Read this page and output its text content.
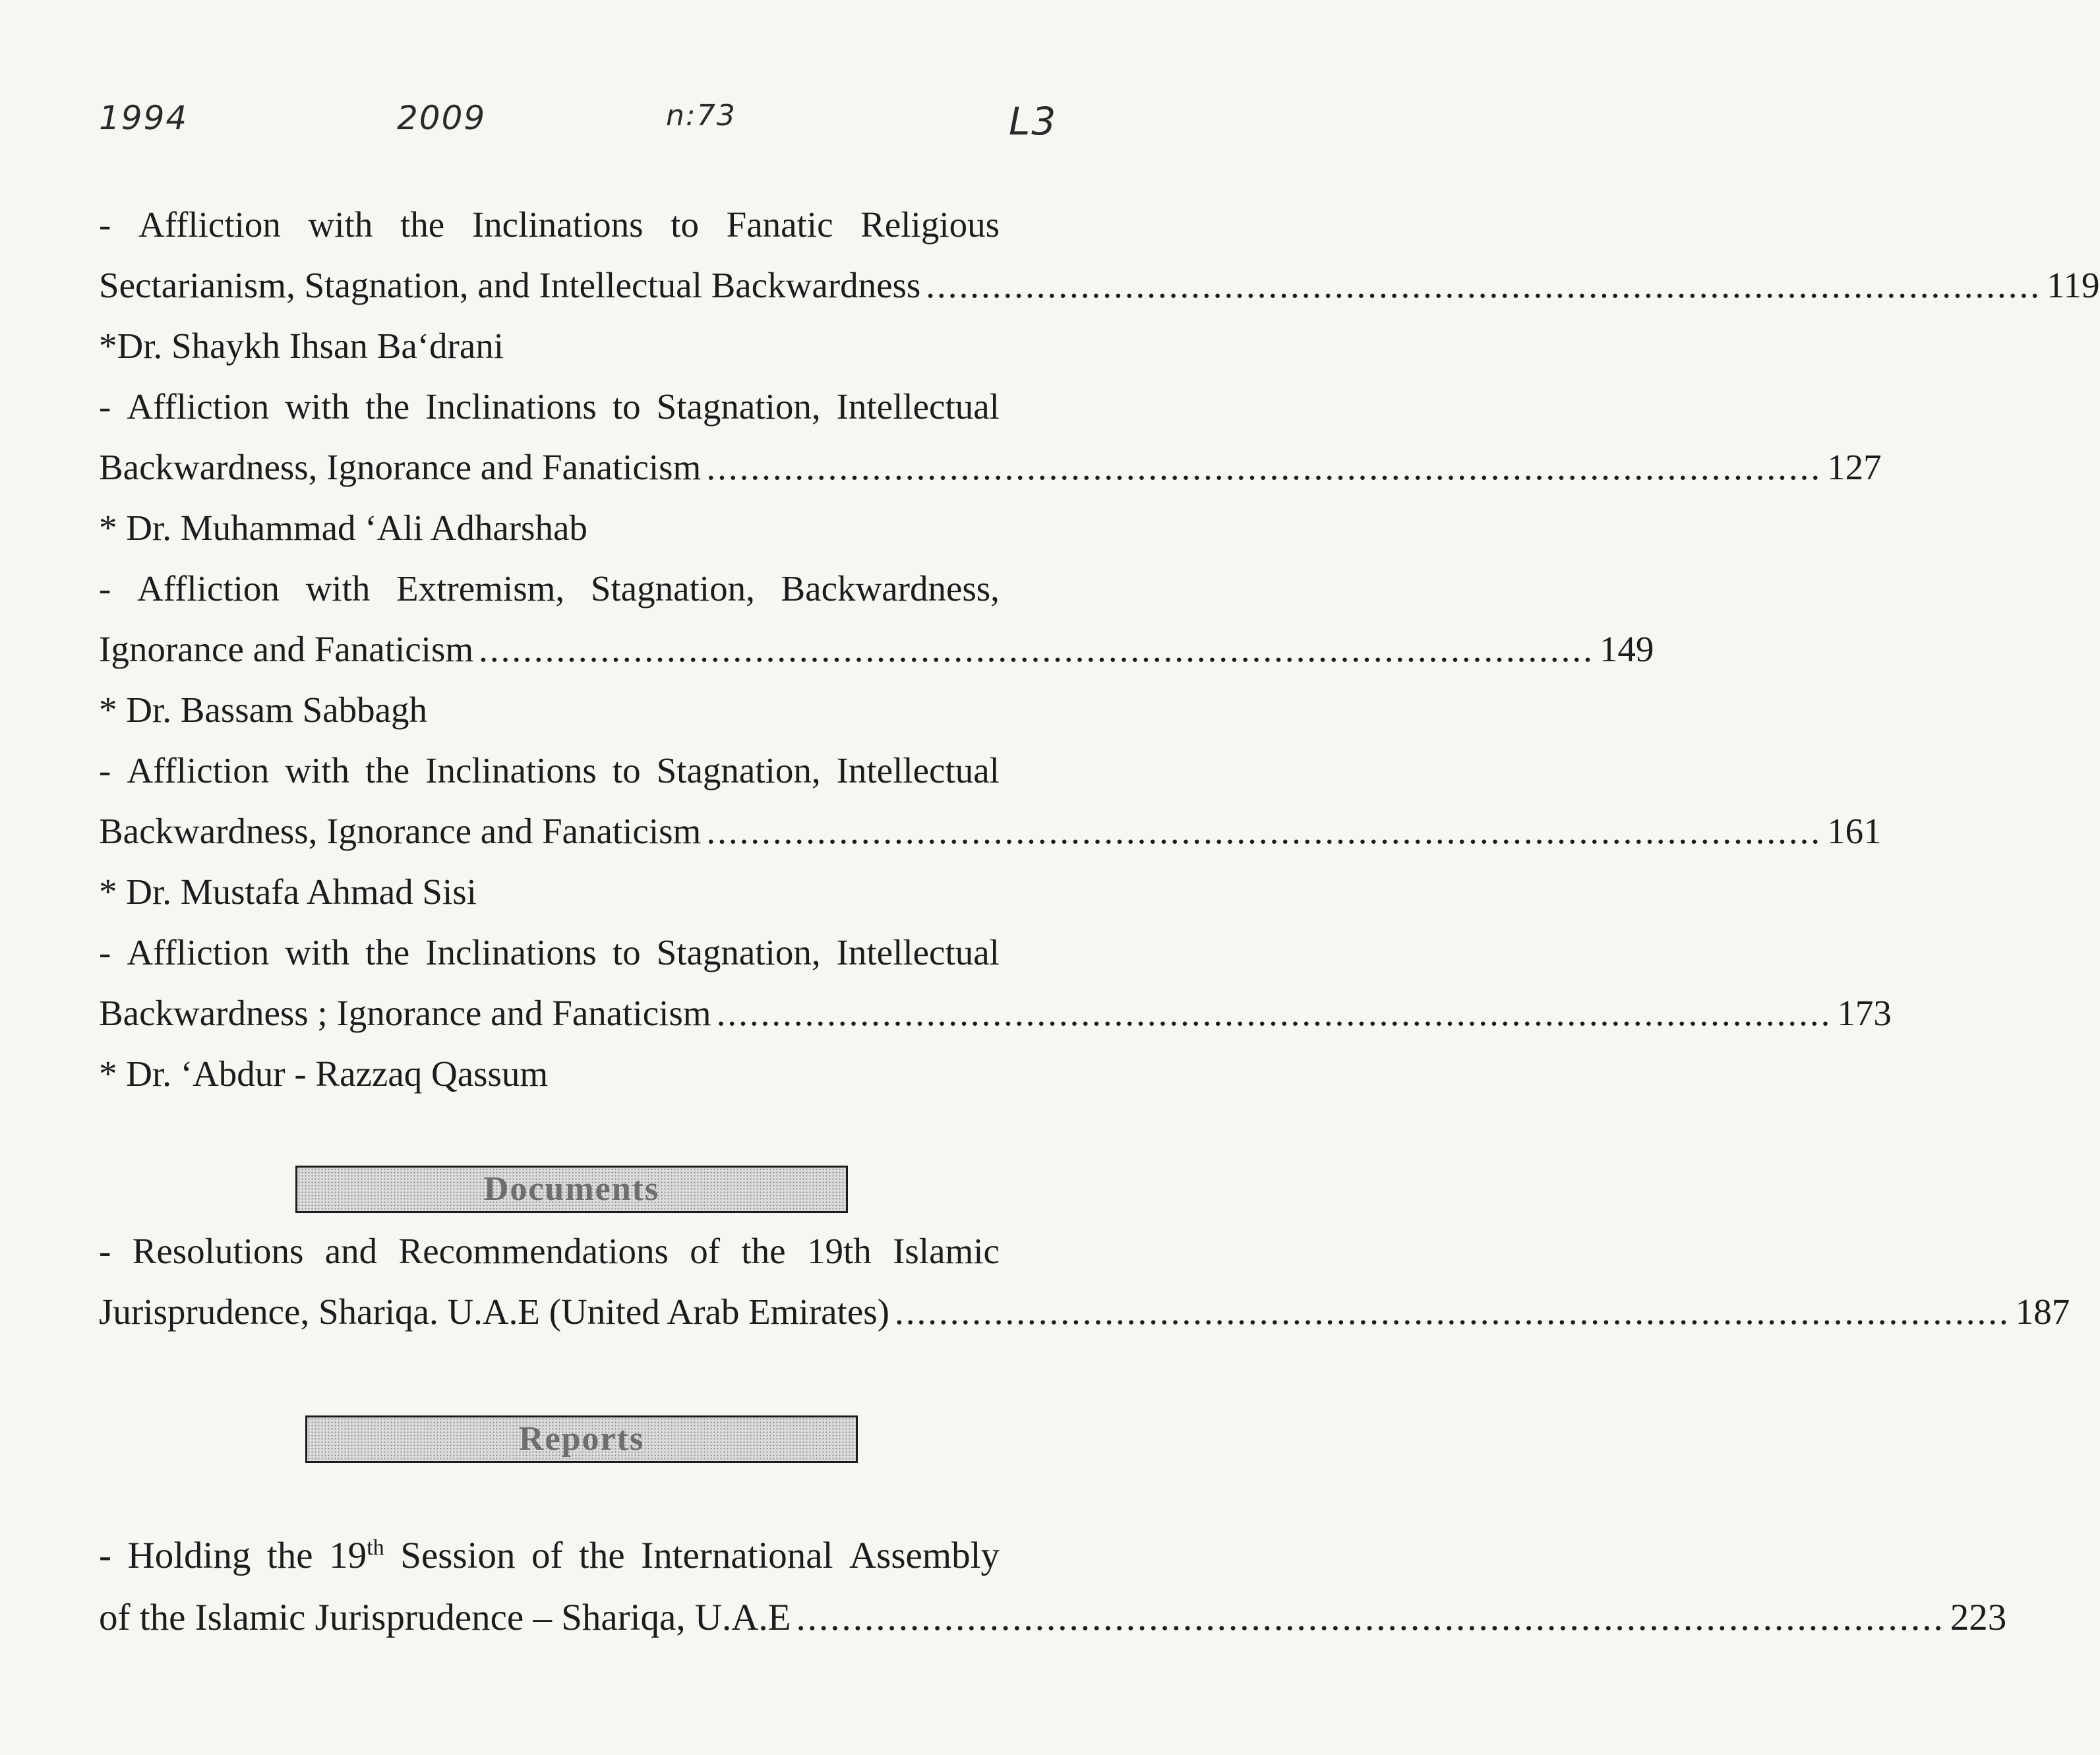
1994	2009	n:73	L3
- Affliction with the Inclinations to Fanatic Religious
Sectarianism, Stagnation, and Intellectual Backwardness ..................................................................................................... 119
*Dr. Shaykh Ihsan Ba‘drani
- Affliction with the Inclinations to Stagnation, Intellectual
Backwardness, Ignorance and Fanaticism ..................................................................................................... 127
* Dr. Muhammad ‘Ali Adharshab
- Affliction with Extremism, Stagnation, Backwardness,
Ignorance and Fanaticism ..................................................................................................... 149
* Dr. Bassam Sabbagh
- Affliction with the Inclinations to Stagnation, Intellectual
Backwardness, Ignorance and Fanaticism ..................................................................................................... 161
* Dr. Mustafa Ahmad Sisi
- Affliction with the Inclinations to Stagnation, Intellectual
Backwardness ; Ignorance and Fanaticism ..................................................................................................... 173
* Dr. ‘Abdur - Razzaq Qassum
Documents
- Resolutions and Recommendations of the 19th Islamic
Jurisprudence, Shariqa. U.A.E (United Arab Emirates) ..................................................................................................... 187
Reports
- Holding the 19th Session of the International Assembly
of the Islamic Jurisprudence – Shariqa, U.A.E ..................................................................................................... 223
